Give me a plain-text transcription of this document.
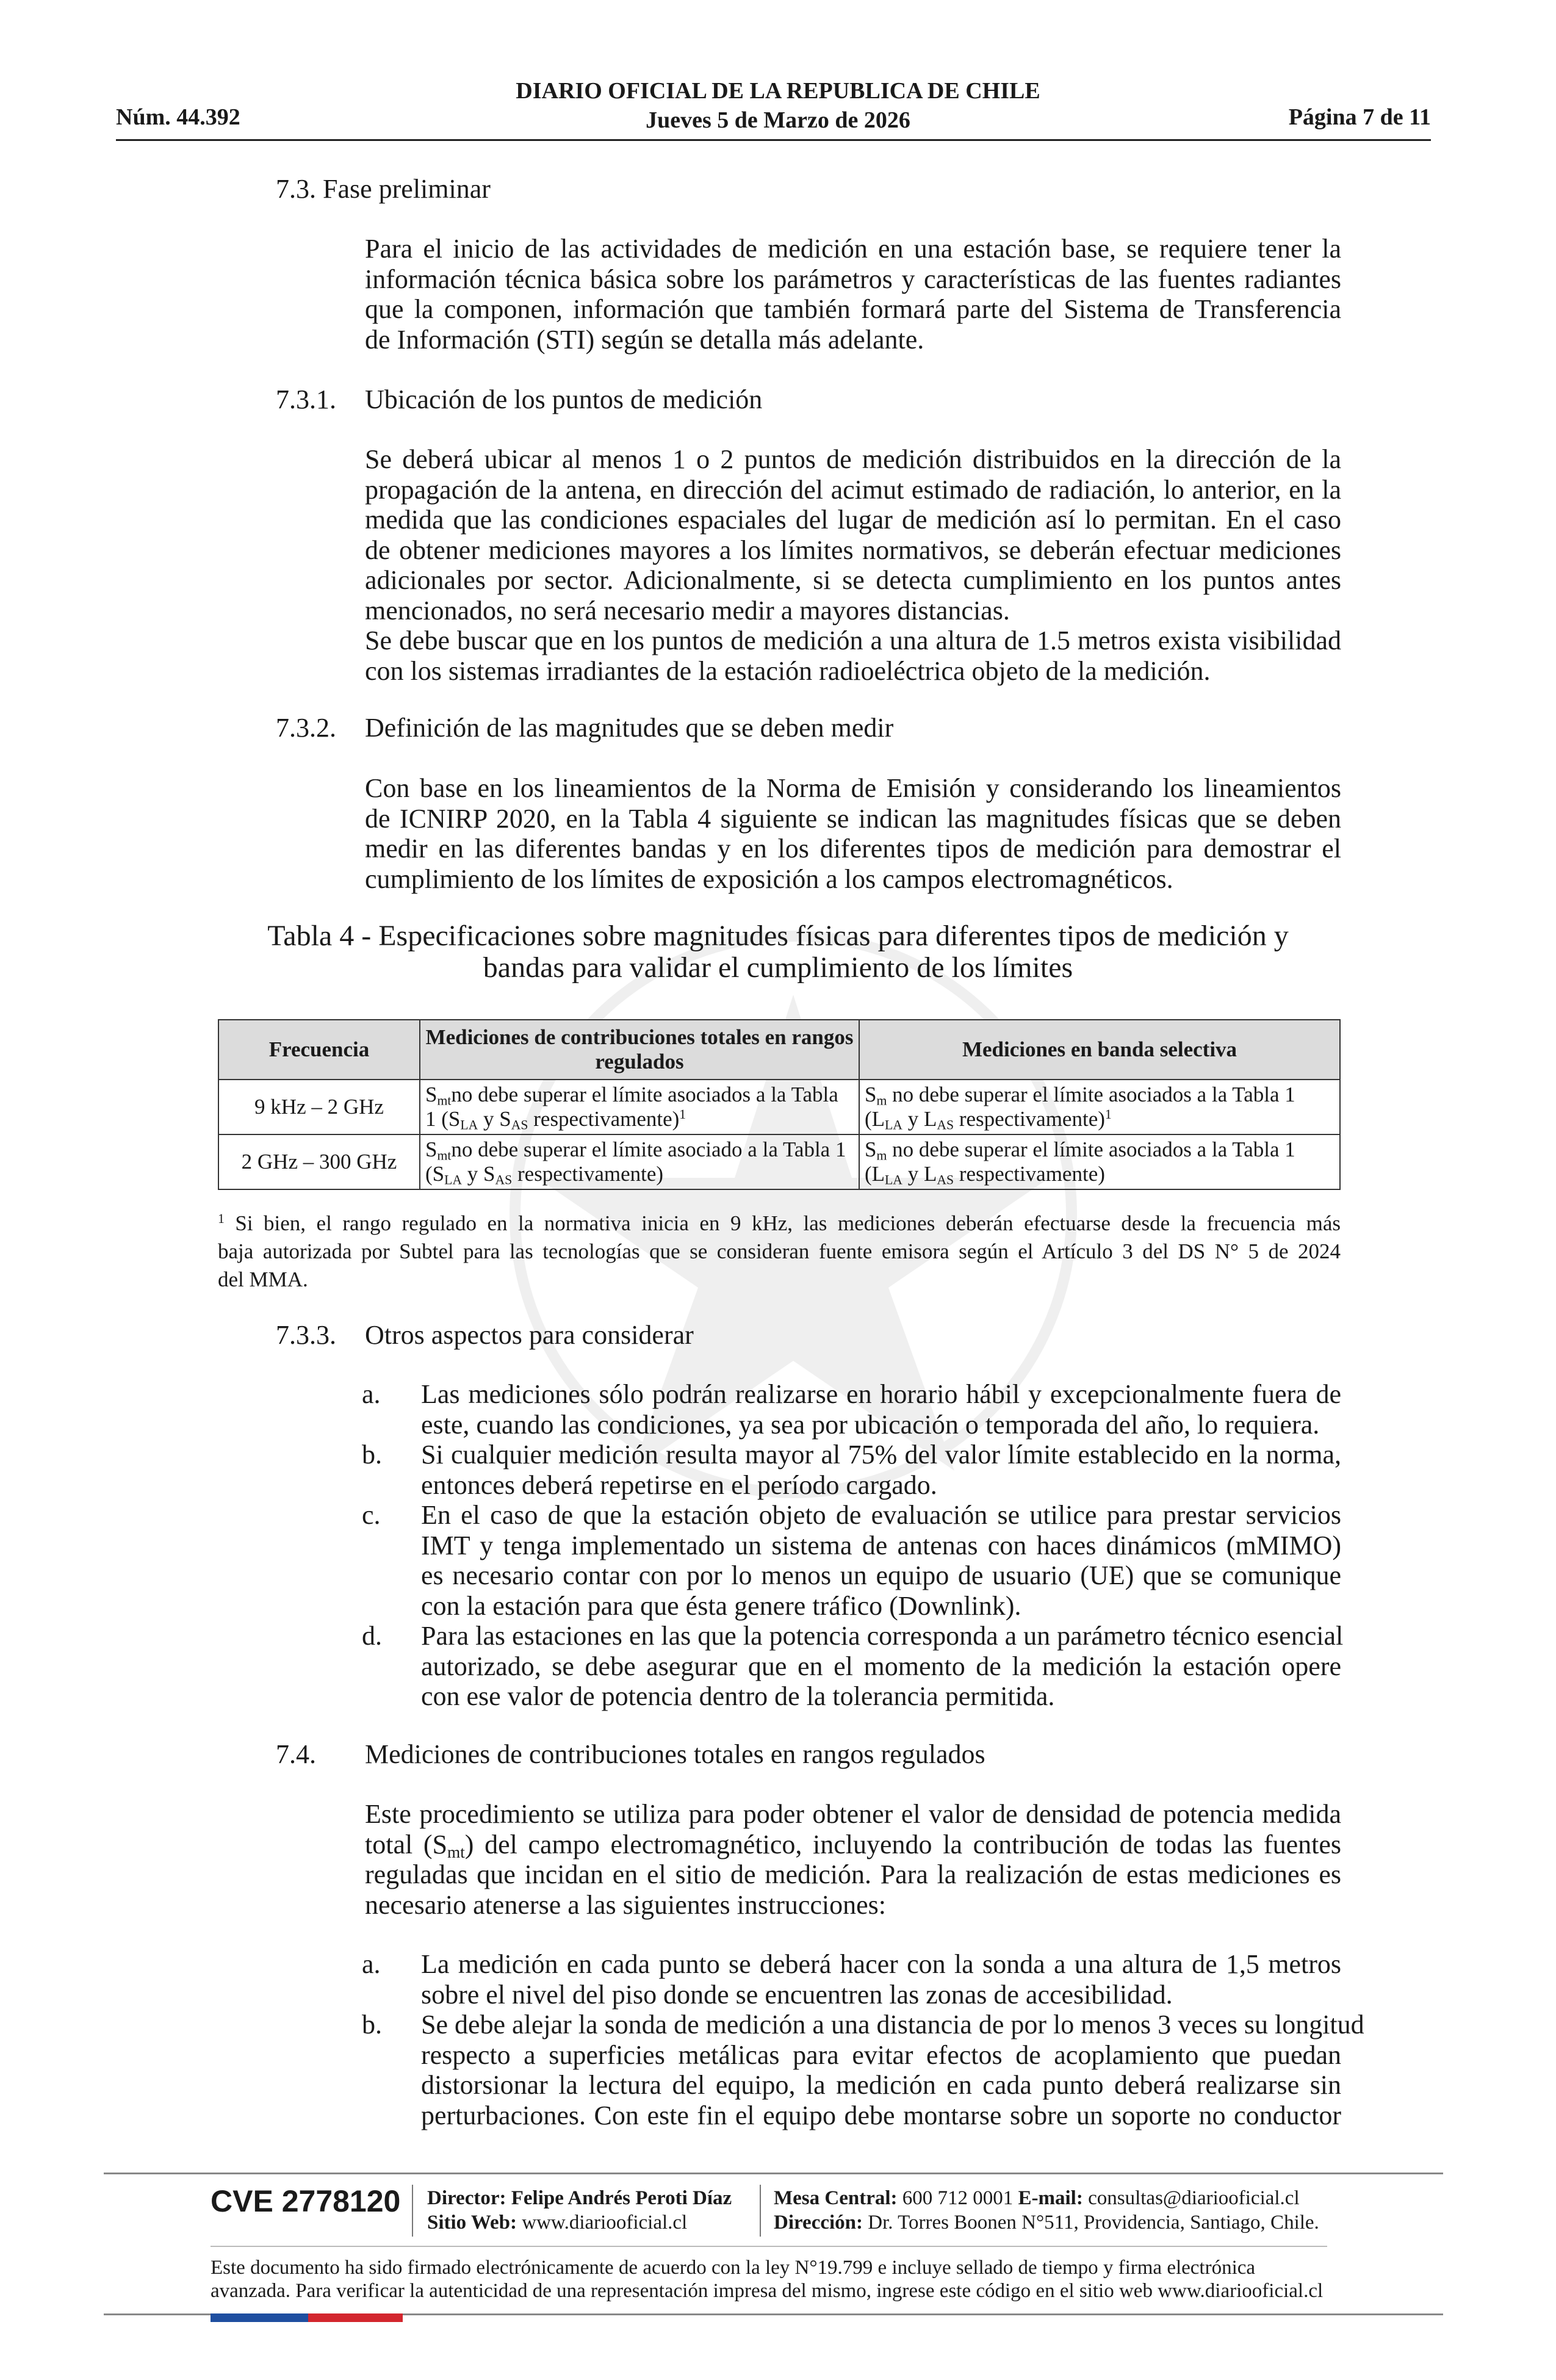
Núm. 44.392
DIARIO OFICIAL DE LA REPUBLICA DE CHILE
Jueves 5 de Marzo de 2026	Página 7 de 11
7.3. Fase preliminar
Para el inicio de las actividades de medición en una estación base, se requiere tener la
información técnica básica sobre los parámetros y características de las fuentes radiantes
que la componen, información que también formará parte del Sistema de Transferencia
de Información (STI) según se detalla más adelante.
7.3.1. Ubicación de los puntos de medición
Se deberá ubicar al menos 1 o 2 puntos de medición distribuidos en la dirección de la
propagación de la antena, en dirección del acimut estimado de radiación, lo anterior, en la
medida que las condiciones espaciales del lugar de medición así lo permitan. En el caso
de obtener mediciones mayores a los límites normativos, se deberán efectuar mediciones
adicionales por sector. Adicionalmente, si se detecta cumplimiento en los puntos antes
mencionados, no será necesario medir a mayores distancias.
Se debe buscar que en los puntos de medición a una altura de 1.5 metros exista visibilidad
con los sistemas irradiantes de la estación radioeléctrica objeto de la medición.
7.3.2. Definición de las magnitudes que se deben medir
Con base en los lineamientos de la Norma de Emisión y considerando los lineamientos
de ICNIRP 2020, en la Tabla 4 siguiente se indican las magnitudes físicas que se deben
medir en las diferentes bandas y en los diferentes tipos de medición para demostrar el
cumplimiento de los límites de exposición a los campos electromagnéticos.
Tabla 4 - Especificaciones sobre magnitudes físicas para diferentes tipos de medición y
bandas para validar el cumplimiento de los límites
Frecuencia	Mediciones de contribuciones totales en rangos regulados	Mediciones en banda selectiva
9 kHz – 2 GHz	$S_{mt}no$ debe superar el límite asociados a la Tabla 1 ($S_{LA}$ y $S_{AS}$ respectivamente)$^1$	$S_m$ no debe superar el límite asociados a la Tabla 1 ($L_{LA}$ y $L_{AS}$ respectivamente)$^1$
2 GHz – 300 GHz	$S_{mt}no$ debe superar el límite asociado a la Tabla 1 ($S_{LA}$ y $S_{AS}$ respectivamente)	$S_m$ no debe superar el límite asociados a la Tabla 1 ($L_{LA}$ y $L_{AS}$ respectivamente)
$^1$ Si bien, el rango regulado en la normativa inicia en 9 kHz, las mediciones deberán efectuarse desde la frecuencia más
baja autorizada por Subtel para las tecnologías que se consideran fuente emisora según el Artículo 3 del DS N° 5 de 2024
del MMA.
7.3.3. Otros aspectos para considerar
a. Las mediciones sólo podrán realizarse en horario hábil y excepcionalmente fuera de
este, cuando las condiciones, ya sea por ubicación o temporada del año, lo requiera.
b. Si cualquier medición resulta mayor al 75% del valor límite establecido en la norma,
entonces deberá repetirse en el período cargado.
c. En el caso de que la estación objeto de evaluación se utilice para prestar servicios
IMT y tenga implementado un sistema de antenas con haces dinámicos (mMIMO)
es necesario contar con por lo menos un equipo de usuario (UE) que se comunique
con la estación para que ésta genere tráfico (Downlink).
d. Para las estaciones en las que la potencia corresponda a un parámetro técnico esencial
autorizado, se debe asegurar que en el momento de la medición la estación opere
con ese valor de potencia dentro de la tolerancia permitida.
7.4. Mediciones de contribuciones totales en rangos regulados
Este procedimiento se utiliza para poder obtener el valor de densidad de potencia medida
total $(S_{mt})$ del campo electromagnético, incluyendo la contribución de todas las fuentes
reguladas que incidan en el sitio de medición. Para la realización de estas mediciones es
necesario atenerse a las siguientes instrucciones:
a. La medición en cada punto se deberá hacer con la sonda a una altura de 1,5 metros
sobre el nivel del piso donde se encuentren las zonas de accesibilidad.
b. Se debe alejar la sonda de medición a una distancia de por lo menos 3 veces su longitud
respecto a superficies metálicas para evitar efectos de acoplamiento que puedan
distorsionar la lectura del equipo, la medición en cada punto deberá realizarse sin
perturbaciones. Con este fin el equipo debe montarse sobre un soporte no conductor
CVE 2778120 Director: Felipe Andrés Peroti Díaz
Sitio Web: www.diariooficial.cl
Mesa Central: 600 712 0001 E-mail: consultas@diariooficial.cl
Dirección: Dr. Torres Boonen N°511, Providencia, Santiago, Chile.
Este documento ha sido firmado electrónicamente de acuerdo con la ley N°19.799 e incluye sellado de tiempo y firma electrónica
avanzada. Para verificar la autenticidad de una representación impresa del mismo, ingrese este código en el sitio web www.diariooficial.cl
